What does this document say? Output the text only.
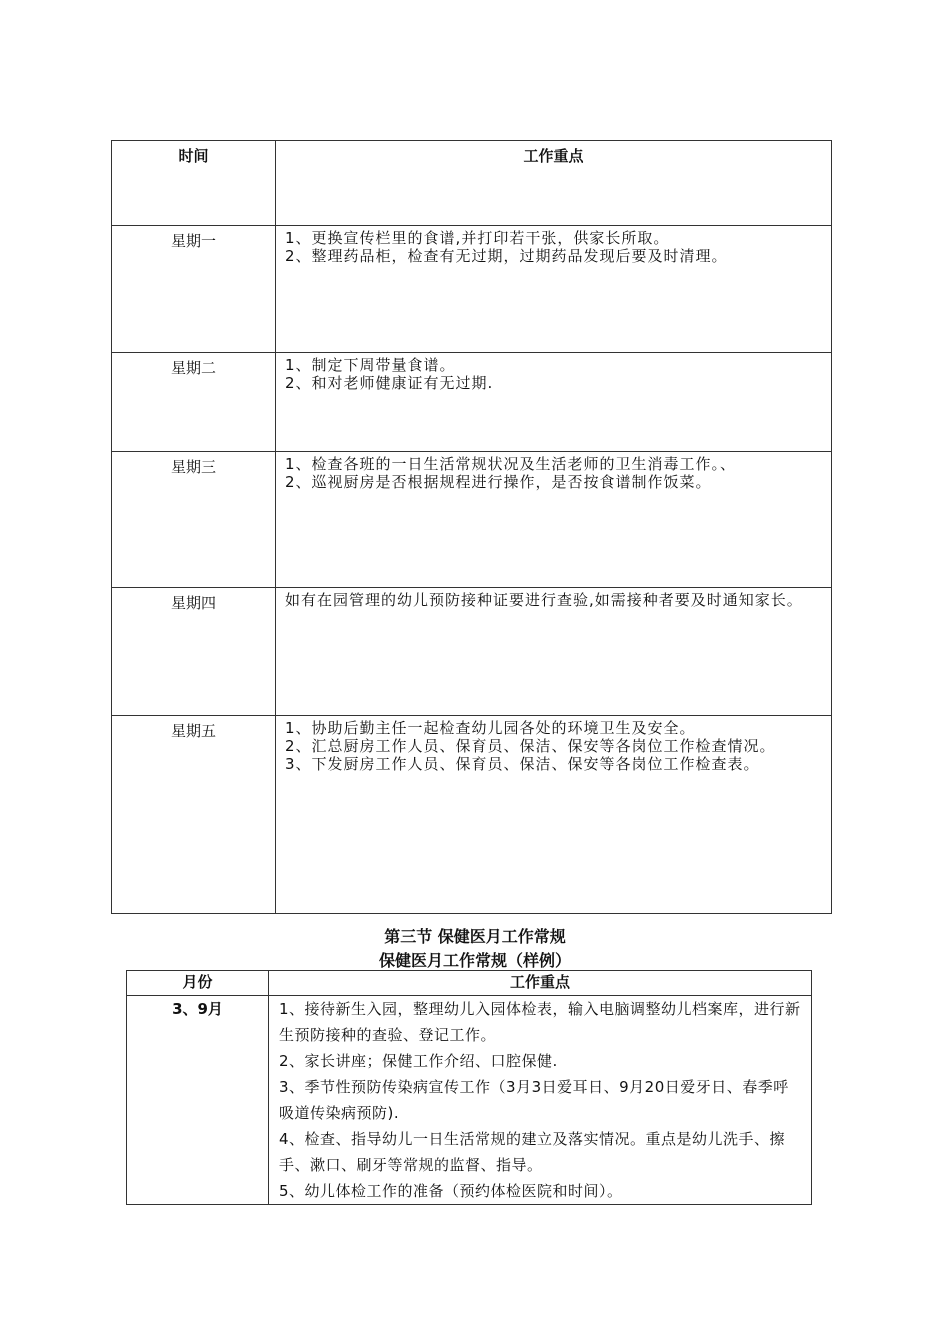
时间	工作重点
星期一	1、更换宣传栏里的食谱,并打印若干张，供家长所取。
2、整理药品柜，检查有无过期，过期药品发现后要及时清理。

星期二	1、制定下周带量食谱。
2、和对老师健康证有无过期.

星期三	1、检查各班的一日生活常规状况及生活老师的卫生消毒工作。、
2、巡视厨房是否根据规程进行操作，是否按食谱制作饭菜。

星期四	如有在园管理的幼儿预防接种证要进行查验,如需接种者要及时通知家长。

星期五	1、协助后勤主任一起检查幼儿园各处的环境卫生及安全。
2、汇总厨房工作人员、保育员、保洁、保安等各岗位工作检查情况。
3、下发厨房工作人员、保育员、保洁、保安等各岗位工作检查表。
第三节 保健医月工作常规
保健医月工作常规（样例）
月份	工作重点
3、9月	1、接待新生入园，整理幼儿入园体检表，输入电脑调整幼儿档案库，进行新生预防接种的查验、登记工作。
2、家长讲座；保健工作介绍、口腔保健.
3、季节性预防传染病宣传工作（3月3日爱耳日、9月20日爱牙日、春季呼吸道传染病预防).
4、检查、指导幼儿一日生活常规的建立及落实情况。重点是幼儿洗手、擦手、漱口、刷牙等常规的监督、指导。
5、幼儿体检工作的准备（预约体检医院和时间）。
